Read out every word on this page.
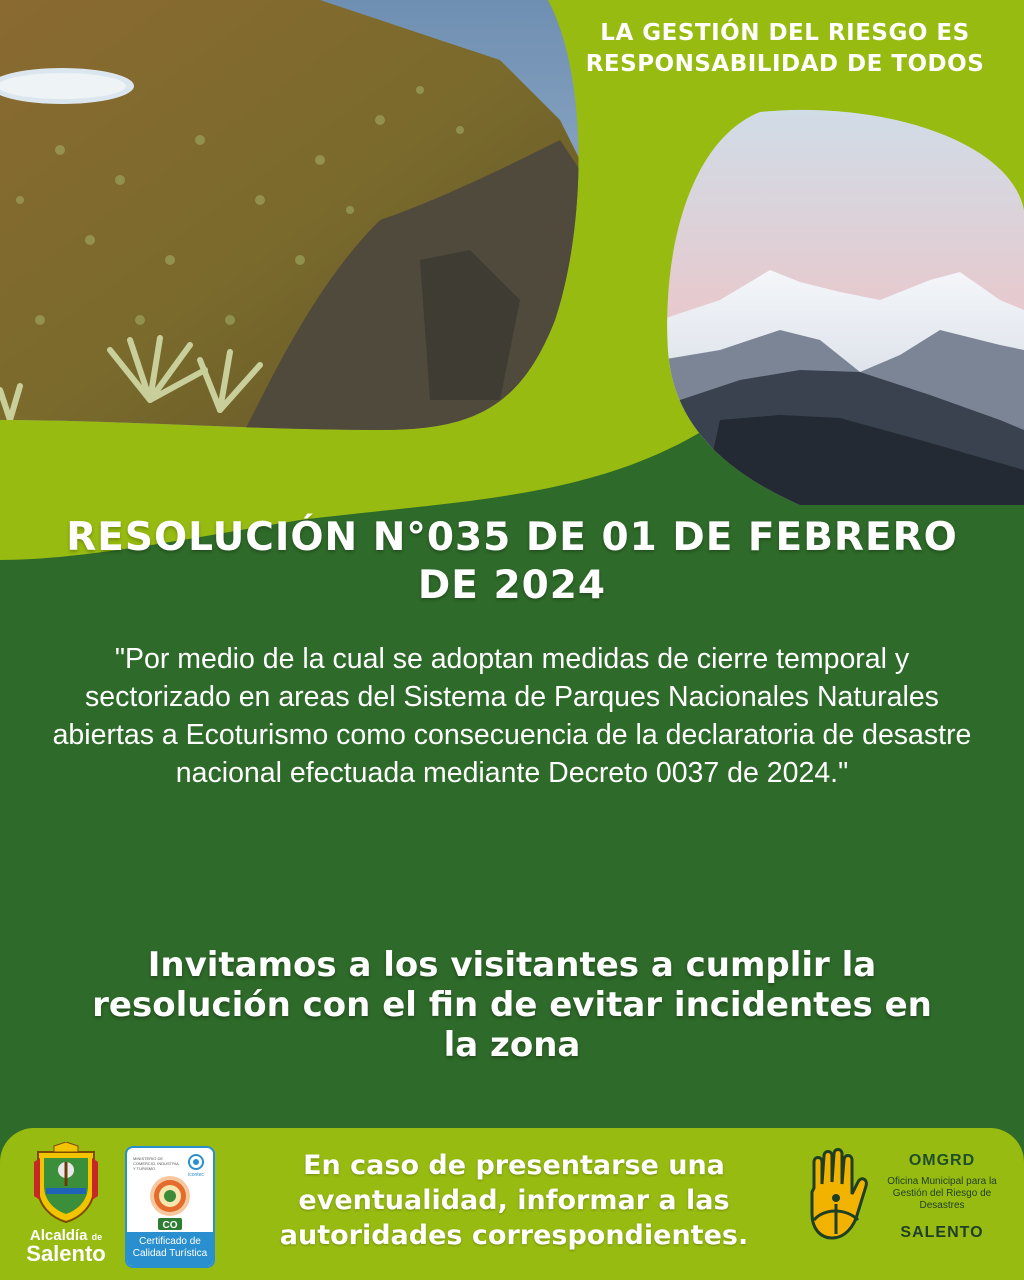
LA GESTIÓN DEL RIESGO ES RESPONSABILIDAD DE TODOS
RESOLUCIÓN N°035 DE 01 DE FEBRERO DE 2024
"Por medio de la cual se adoptan medidas de cierre temporal y sectorizado en areas del Sistema de Parques Nacionales Naturales abiertas a Ecoturismo como consecuencia de la declaratoria de desastre nacional efectuada mediante Decreto 0037 de 2024."
Invitamos a los visitantes a cumplir la resolución con el fin de evitar incidentes en la zona
Alcaldía de
Salento
MINISTERIO DE COMERCIO, INDUSTRIA Y TURISMO
icontec
CO
Certificado de Calidad Turística
En caso de presentarse una eventualidad, informar a las autoridades correspondientes.
OMGRD
Oficina Municipal para la Gestión del Riesgo de Desastres
SALENTO
